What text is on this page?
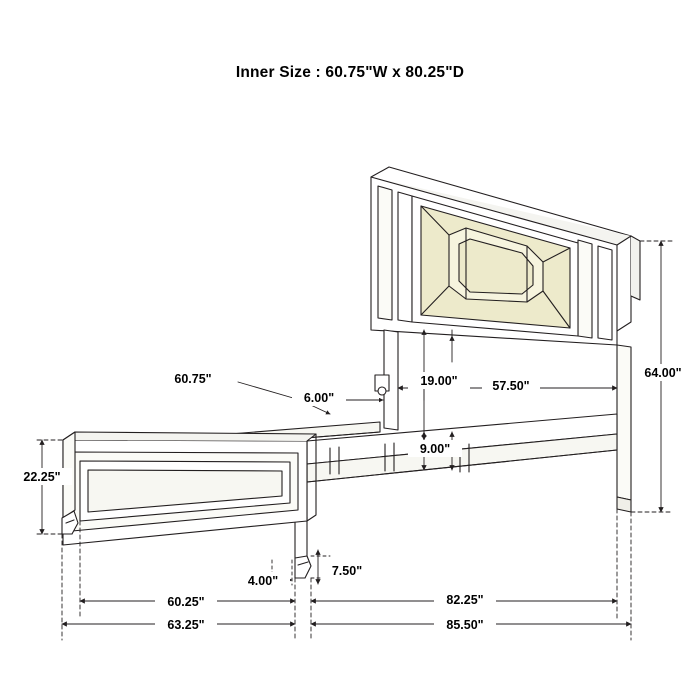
Inner Size : 60.75"W x 80.25"D
60.75"
6.00"
19.00"	57.50"
64.00"
9.00"
22.25"
4.00"
7.50"
60.25"	82.25"
63.25"	85.50"
